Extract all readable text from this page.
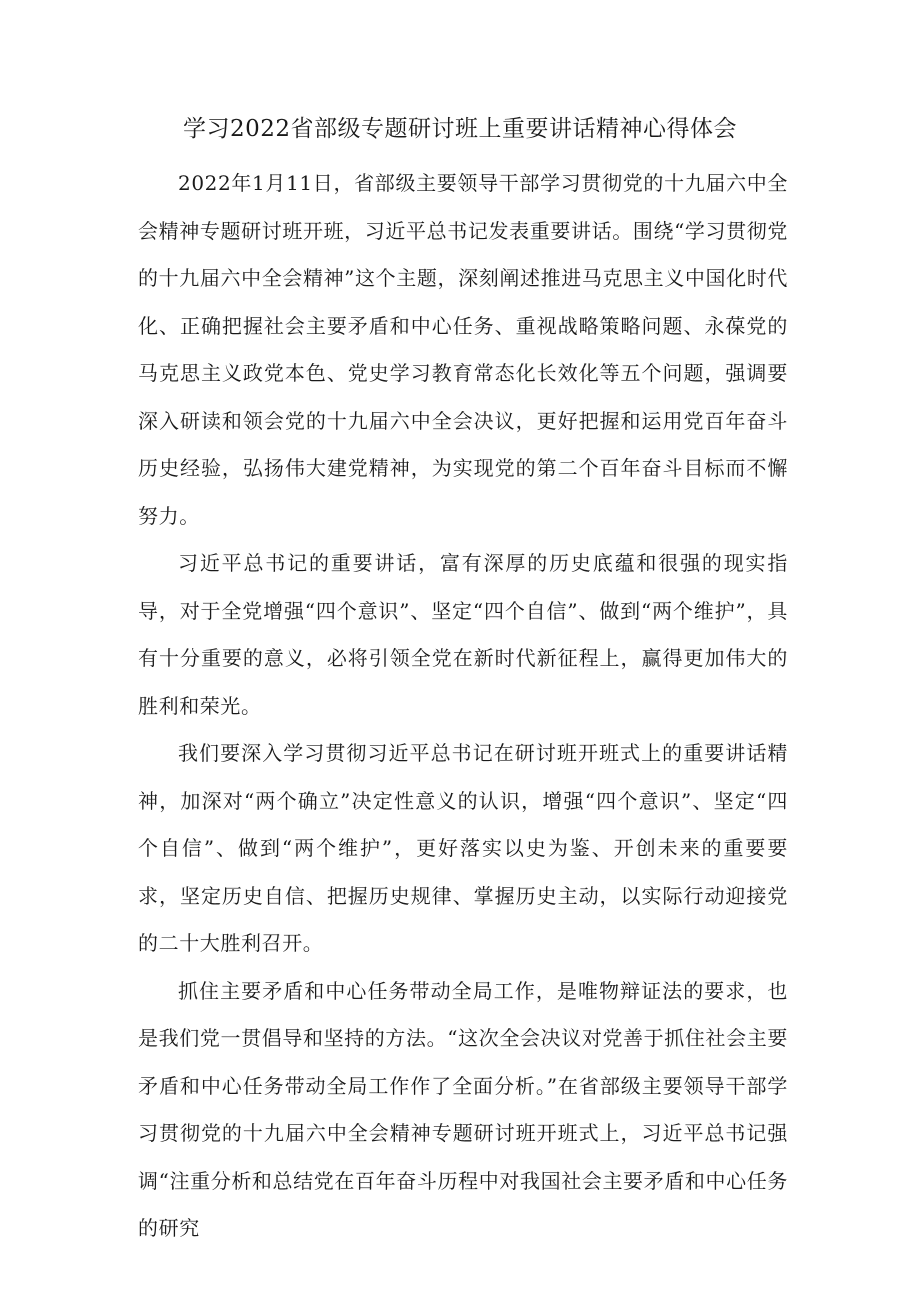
学习2022省部级专题研讨班上重要讲话精神心得体会

2022年1月11日，省部级主要领导干部学习贯彻党的十九届六中全会精神专题研讨班开班，习近平总书记发表重要讲话。围绕“学习贯彻党的十九届六中全会精神”这个主题，深刻阐述推进马克思主义中国化时代化、正确把握社会主要矛盾和中心任务、重视战略策略问题、永葆党的马克思主义政党本色、党史学习教育常态化长效化等五个问题，强调要深入研读和领会党的十九届六中全会决议，更好把握和运用党百年奋斗历史经验，弘扬伟大建党精神，为实现党的第二个百年奋斗目标而不懈努力。

习近平总书记的重要讲话，富有深厚的历史底蕴和很强的现实指导，对于全党增强“四个意识”、坚定“四个自信”、做到“两个维护”，具有十分重要的意义，必将引领全党在新时代新征程上，赢得更加伟大的胜利和荣光。

我们要深入学习贯彻习近平总书记在研讨班开班式上的重要讲话精神，加深对“两个确立”决定性意义的认识，增强“四个意识”、坚定“四个自信”、做到“两个维护”，更好落实以史为鉴、开创未来的重要要求，坚定历史自信、把握历史规律、掌握历史主动，以实际行动迎接党的二十大胜利召开。

抓住主要矛盾和中心任务带动全局工作，是唯物辩证法的要求，也是我们党一贯倡导和坚持的方法。“这次全会决议对党善于抓住社会主要矛盾和中心任务带动全局工作作了全面分析。”在省部级主要领导干部学习贯彻党的十九届六中全会精神专题研讨班开班式上，习近平总书记强调“注重分析和总结党在百年奋斗历程中对我国社会主要矛盾和中心任务的研究
